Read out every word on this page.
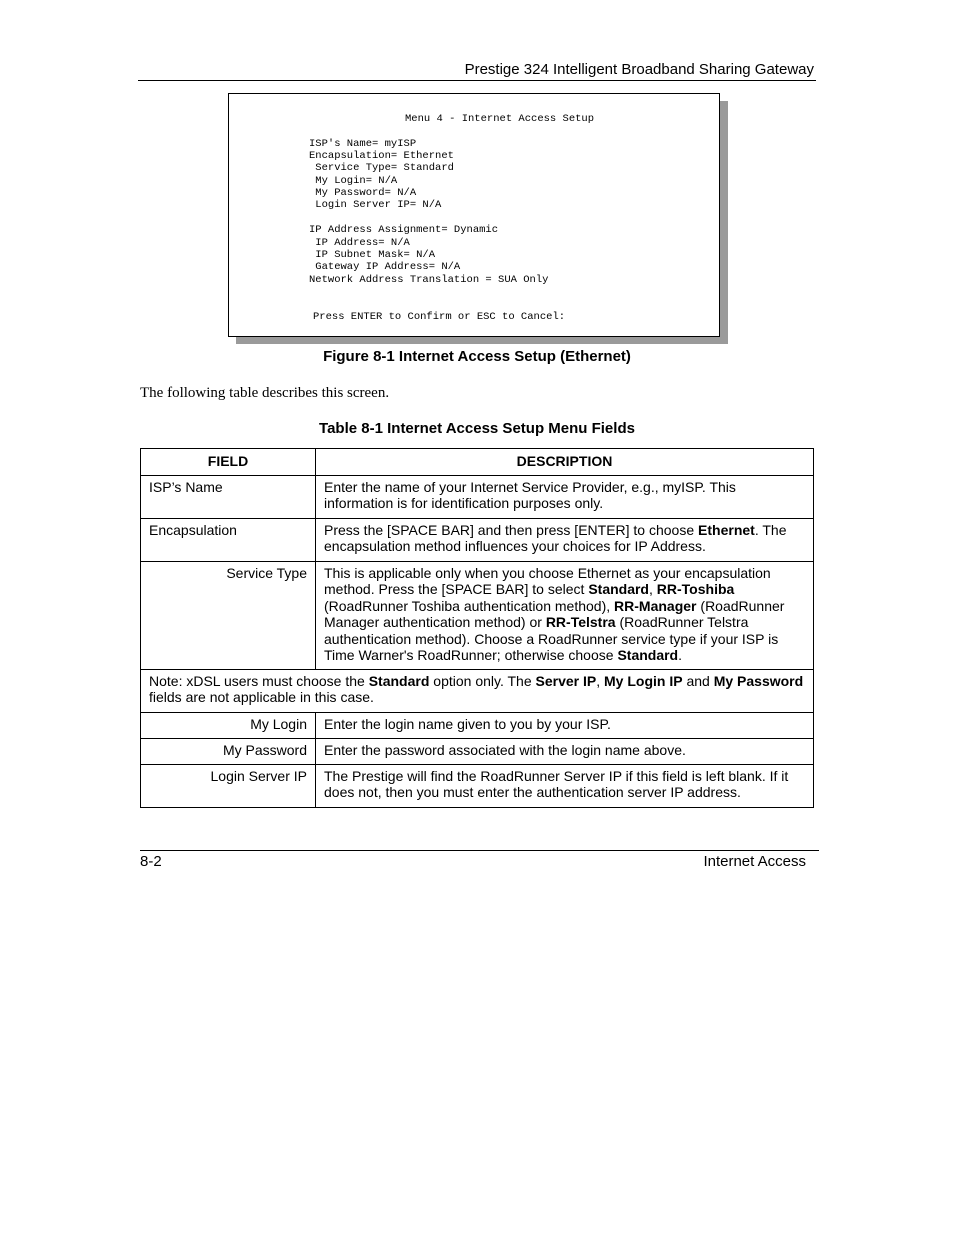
Prestige 324 Intelligent Broadband Sharing Gateway
Menu 4 - Internet Access Setup
ISP's Name= myISP
Encapsulation= Ethernet
Service Type= Standard
My Login= N/A
My Password= N/A
Login Server IP= N/A
IP Address Assignment= Dynamic
IP Address= N/A
IP Subnet Mask= N/A
Gateway IP Address= N/A
Network Address Translation = SUA Only
Press ENTER to Confirm or ESC to Cancel:
Figure 8-1 Internet Access Setup (Ethernet)
The following table describes this screen.
Table 8-1 Internet Access Setup Menu Fields
FIELD	DESCRIPTION
ISP’s Name	Enter the name of your Internet Service Provider, e.g., myISP. This information is for identification purposes only.
Encapsulation	Press the [SPACE BAR] and then press [ENTER] to choose Ethernet. The encapsulation method influences your choices for IP Address.
Service Type	This is applicable only when you choose Ethernet as your encapsulation method. Press the [SPACE BAR] to select Standard, RR-Toshiba (RoadRunner Toshiba authentication method), RR-Manager (RoadRunner Manager authentication method) or RR-Telstra (RoadRunner Telstra authentication method). Choose a RoadRunner service type if your ISP is Time Warner's RoadRunner; otherwise choose Standard.
Note: xDSL users must choose the Standard option only. The Server IP, My Login IP and My Password fields are not applicable in this case.	
My Login	Enter the login name given to you by your ISP.
My Password	Enter the password associated with the login name above.
Login Server IP	The Prestige will find the RoadRunner Server IP if this field is left blank. If it does not, then you must enter the authentication server IP address.
8-2	Internet Access
